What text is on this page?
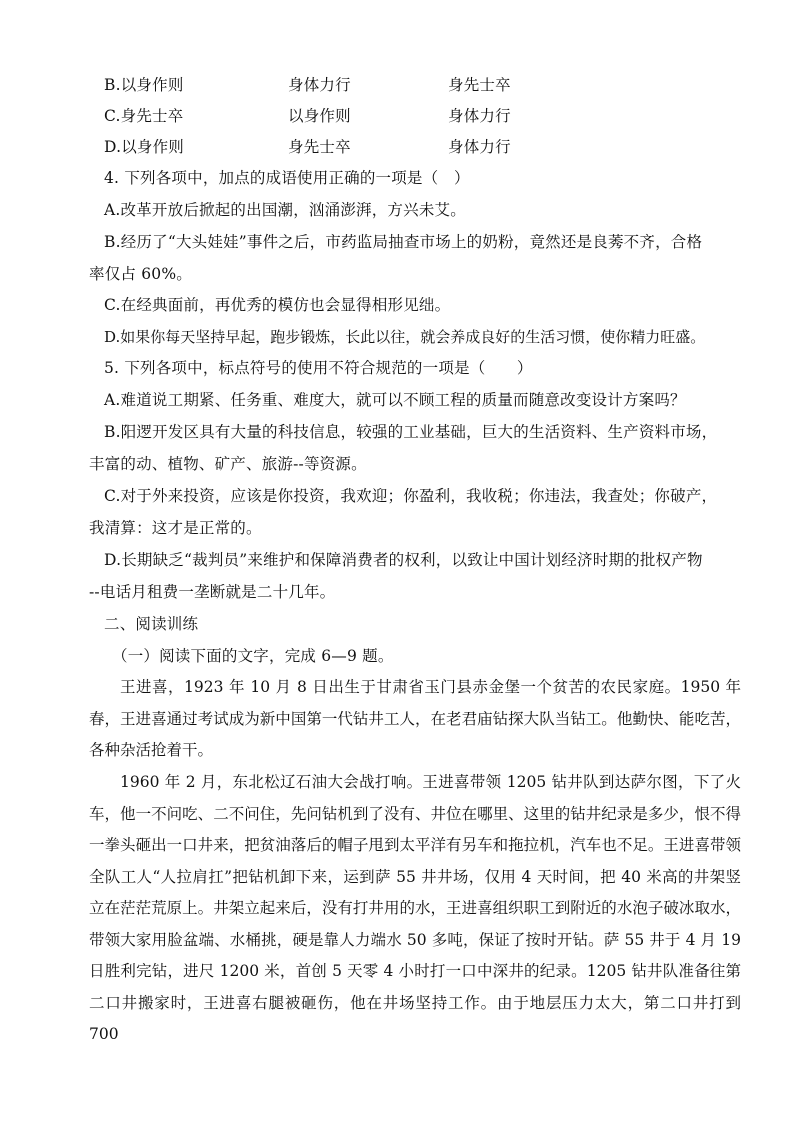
B.以身作则	身体力行	身先士卒
C.身先士卒	以身作则	身体力行
D.以身作则	身先士卒	身体力行
4. 下列各项中，加点的成语使用正确的一项是（　）
A.改革开放后掀起的出国潮，汹涌澎湃，方兴未艾。
B.经历了“大头娃娃”事件之后，市药监局抽查市场上的奶粉，竟然还是良莠不齐，合格
率仅占 60%。
C.在经典面前，再优秀的模仿也会显得相形见绌。
D.如果你每天坚持早起，跑步锻炼，长此以往，就会养成良好的生活习惯，使你精力旺盛。
5. 下列各项中，标点符号的使用不符合规范的一项是（　　）
A.难道说工期紧、任务重、难度大，就可以不顾工程的质量而随意改变设计方案吗？
B.阳逻开发区具有大量的科技信息，较强的工业基础，巨大的生活资料、生产资料市场，
丰富的动、植物、矿产、旅游--等资源。
C.对于外来投资，应该是你投资，我欢迎；你盈利，我收税；你违法，我查处；你破产，
我清算：这才是正常的。
D.长期缺乏“裁判员”来维护和保障消费者的权利，以致让中国计划经济时期的批权产物
--电话月租费一垄断就是二十几年。
二、阅读训练
（一）阅读下面的文字，完成 6—9 题。

王进喜，1923 年 10 月 8 日出生于甘肃省玉门县赤金堡一个贫苦的农民家庭。1950 年春，王进喜通过考试成为新中国第一代钻井工人，在老君庙钻探大队当钻工。他勤快、能吃苦，各种杂活抢着干。

1960 年 2 月，东北松辽石油大会战打响。王进喜带领 1205 钻井队到达萨尔图，下了火车，他一不问吃、二不问住，先问钻机到了没有、井位在哪里、这里的钻井纪录是多少，恨不得一拳头砸出一口井来，把贫油落后的帽子甩到太平洋有另车和拖拉机，汽车也不足。王进喜带领全队工人“人拉肩扛”把钻机卸下来，运到萨 55 井井场，仅用 4 天时间，把 40 米高的井架竖立在茫茫荒原上。井架立起来后，没有打井用的水，王进喜组织职工到附近的水泡子破冰取水，带领大家用脸盆端、水桶挑，硬是靠人力端水 50 多吨，保证了按时开钻。萨 55 井于 4 月 19 日胜利完钻，进尺 1200 米，首创 5 天零 4 小时打一口中深井的纪录。1205 钻井队准备往第二口井搬家时，王进喜右腿被砸伤，他在井场坚持工作。由于地层压力太大，第二口井打到 700
